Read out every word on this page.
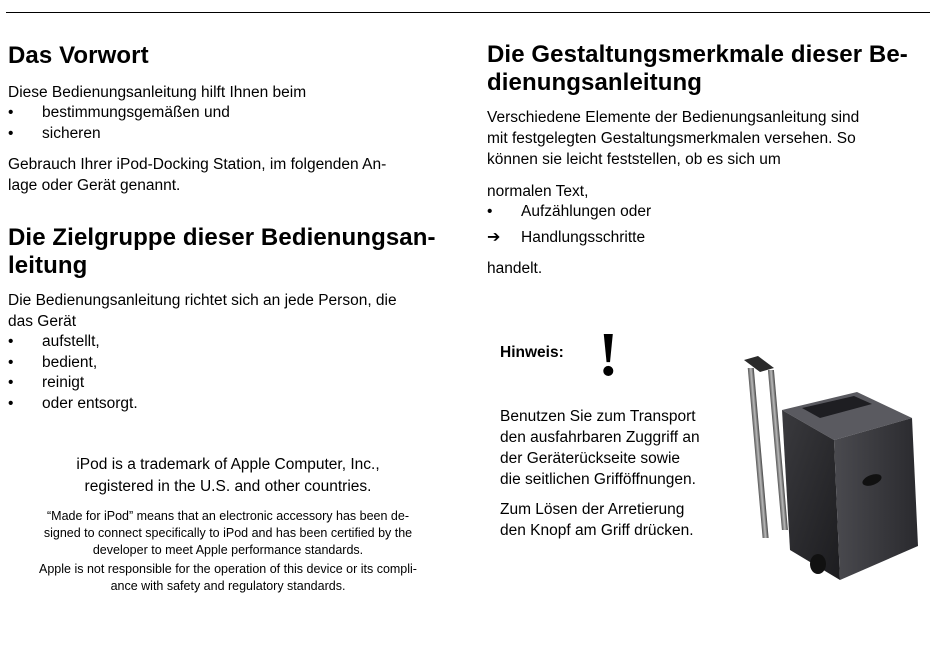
Das Vorwort

Diese Bedienungsanleitung hilft Ihnen beim

•	bestimmungsgemäßen und
•	sicheren

Gebrauch Ihrer iPod-Docking Station, im folgenden An-
lage oder Gerät genannt.

Die Zielgruppe dieser Bedienungsan-
leitung

Die Bedienungsanleitung richtet sich an jede Person, die
das Gerät

•	aufstellt,
•	bedient,
•	reinigt
•	oder entsorgt.

iPod is a trademark of Apple Computer, Inc.,
registered in the U.S. and other countries.

“Made for iPod” means that an electronic accessory has been de-
signed to connect specifically to iPod and has been certified by the
developer to meet Apple performance standards.

Apple is not responsible for the operation of this device or its compli-
ance with safety and regulatory standards.

Die Gestaltungsmerkmale dieser Be-
dienungsanleitung

Verschiedene Elemente der Bedienungsanleitung sind
mit festgelegten Gestaltungsmerkmalen versehen. So
können sie leicht feststellen, ob es sich um

normalen Text,

•	Aufzählungen oder
➔	Handlungsschritte

handelt.

Hinweis: !

Benutzen Sie zum Transport
den ausfahrbaren Zuggriff an
der Geräterückseite sowie
die seitlichen Grifföffnungen.

Zum Lösen der Arretierung
den Knopf am Griff drücken.
